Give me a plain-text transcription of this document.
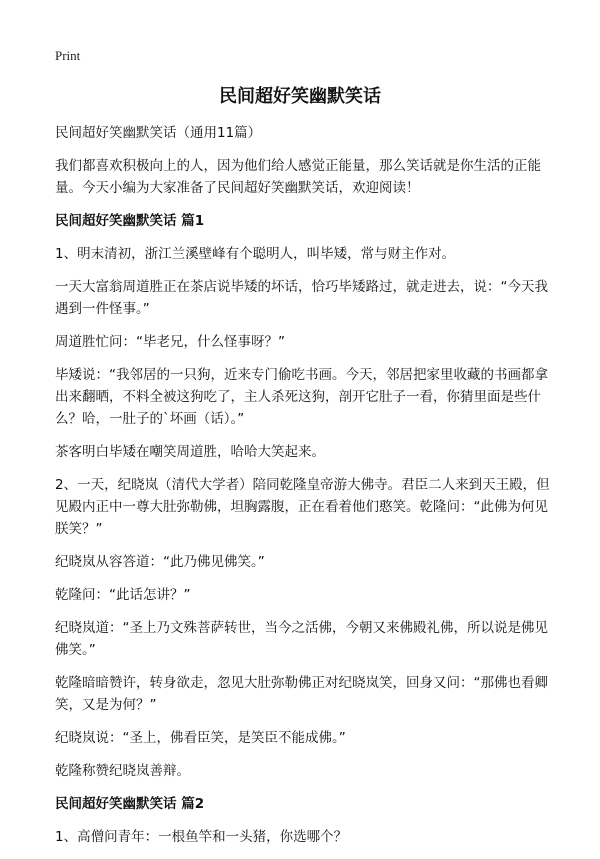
Print
民间超好笑幽默笑话

民间超好笑幽默笑话（通用11篇）

我们都喜欢积极向上的人，因为他们给人感觉正能量，那么笑话就是你生活的正能量。今天小编为大家准备了民间超好笑幽默笑话，欢迎阅读！

民间超好笑幽默笑话 篇1

1、明末清初，浙江兰溪壁峰有个聪明人，叫毕矮，常与财主作对。

一天大富翁周道胜正在茶店说毕矮的坏话，恰巧毕矮路过，就走进去，说：“今天我遇到一件怪事。”

周道胜忙问：“毕老兄，什么怪事呀？”

毕矮说：“我邻居的一只狗，近来专门偷吃书画。今天，邻居把家里收藏的书画都拿出来翻晒，不料全被这狗吃了，主人杀死这狗，剖开它肚子一看，你猜里面是些什么？哈，一肚子的`坏画（话）。”

茶客明白毕矮在嘲笑周道胜，哈哈大笑起来。

2、一天，纪晓岚（清代大学者）陪同乾隆皇帝游大佛寺。君臣二人来到天王殿，但见殿内正中一尊大肚弥勒佛，坦胸露腹，正在看着他们憨笑。乾隆问：“此佛为何见朕笑？”

纪晓岚从容答道：“此乃佛见佛笑。”

乾隆问：“此话怎讲？”

纪晓岚道：“圣上乃文殊菩萨转世，当今之活佛，今朝又来佛殿礼佛，所以说是佛见佛笑。”

乾隆暗暗赞许，转身欲走，忽见大肚弥勒佛正对纪晓岚笑，回身又问：“那佛也看卿笑，又是为何？”

纪晓岚说：“圣上，佛看臣笑，是笑臣不能成佛。”

乾隆称赞纪晓岚善辩。

民间超好笑幽默笑话 篇2

1、高僧问青年：一根鱼竿和一头猪，你选哪个？
